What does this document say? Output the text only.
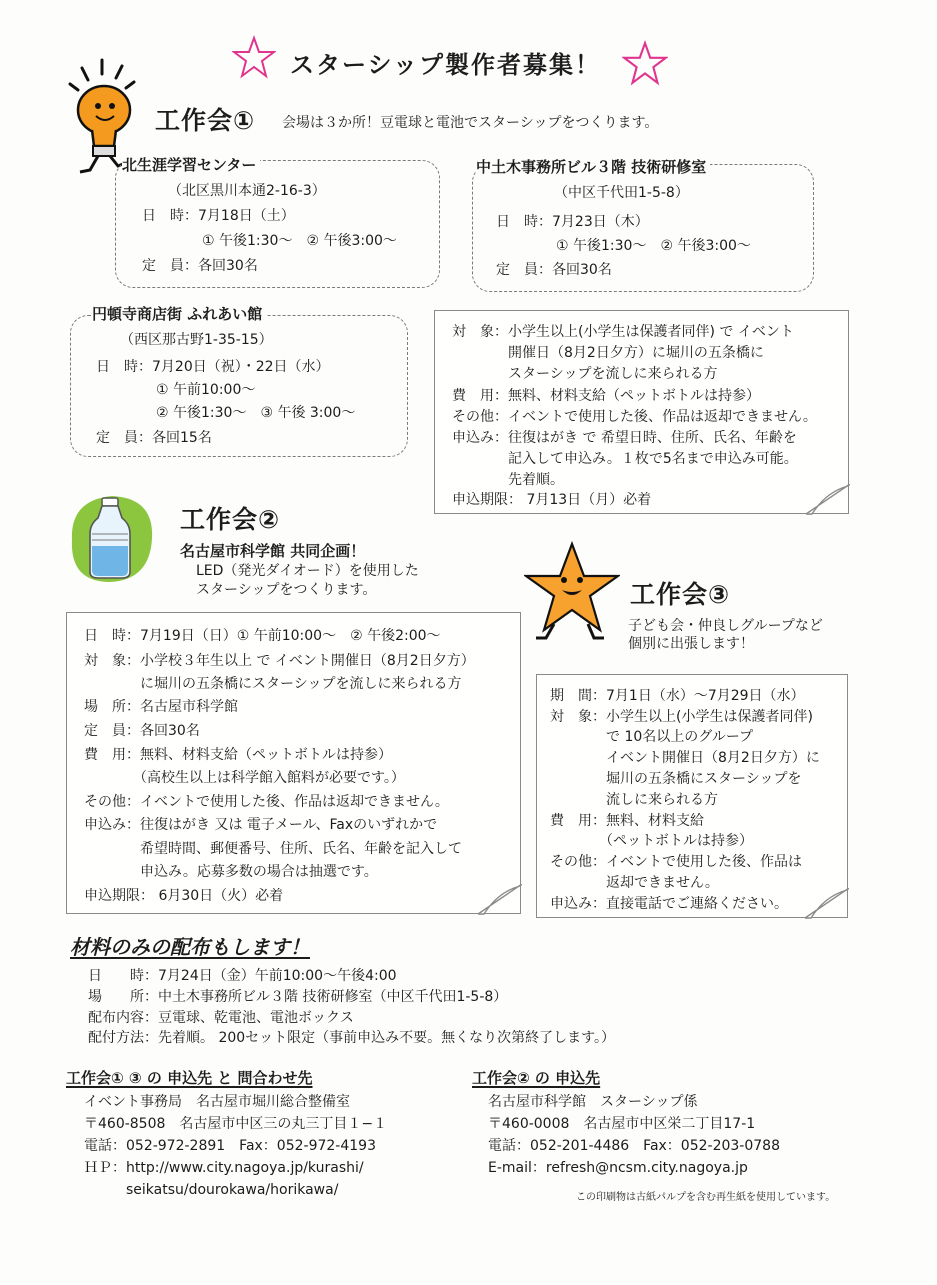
スターシップ製作者募集！
工作会① 会場は３か所！豆電球と電池でスターシップをつくります。
北生涯学習センター
（北区黒川本通2-16-3）
日　時：7月18日（土）
① 午後1:30〜　② 午後3:00〜
定　員：各回30名
中土木事務所ビル３階 技術研修室
（中区千代田1-5-8）
日　時：7月23日（木）
① 午後1:30〜　② 午後3:00〜
定　員：各回30名
円頓寺商店街 ふれあい館
（西区那古野1-35-15）
日　時：7月20日（祝）・22日（水）
① 午前10:00〜
② 午後1:30〜　③ 午後 3:00〜
定　員：各回15名
対　象：小学生以上(小学生は保護者同伴) で イベント
　　　　開催日（8月2日夕方）に堀川の五条橋に
　　　　スターシップを流しに来られる方
費　用：無料、材料支給（ペットボトルは持参）
その他：イベントで使用した後、作品は返却できません。
申込み：往復はがき で 希望日時、住所、氏名、年齢を
　　　　記入して申込み。１枚で5名まで申込み可能。
　　　　先着順。
申込期限： 7月13日（月）必着
工作会②
名古屋市科学館 共同企画！
LED（発光ダイオード）を使用した
スターシップをつくります。	工作会③
子ども会・仲良しグループなど
個別に出張します！
日　時：7月19日（日）① 午前10:00〜　② 午後2:00〜
対　象：小学校３年生以上 で イベント開催日（8月2日夕方）
　　　　に堀川の五条橋にスターシップを流しに来られる方
場　所：名古屋市科学館
定　員：各回30名
費　用：無料、材料支給（ペットボトルは持参）
　　　　（高校生以上は科学館入館料が必要です。）
その他：イベントで使用した後、作品は返却できません。
申込み：往復はがき 又は 電子メール、Faxのいずれかで
　　　　希望時間、郵便番号、住所、氏名、年齢を記入して
　　　　申込み。応募多数の場合は抽選です。
申込期限： 6月30日（火）必着
期　間：7月1日（水）〜7月29日（水）
対　象：小学生以上(小学生は保護者同伴)
　　　　で 10名以上のグループ
　　　　イベント開催日（8月2日夕方）に
　　　　堀川の五条橋にスターシップを
　　　　流しに来られる方
費　用：無料、材料支給
　　　　（ペットボトルは持参）
その他：イベントで使用した後、作品は
　　　　返却できません。
申込み：直接電話でご連絡ください。
材料のみの配布もします！
日　　時：7月24日（金）午前10:00〜午後4:00
場　　所：中土木事務所ビル３階 技術研修室（中区千代田1-5-8）
配布内容：豆電球、乾電池、電池ボックス
配付方法：先着順。 200セット限定（事前申込み不要。無くなり次第終了します。）
工作会① ③ の 申込先 と 問合わせ先
イベント事務局　名古屋市堀川総合整備室
〒460-8508　名古屋市中区三の丸三丁目１−１
電話：052-972-2891　Fax：052-972-4193
ＨＰ：http://www.city.nagoya.jp/kurashi/
　　　seikatsu/dourokawa/horikawa/
工作会② の 申込先
名古屋市科学館　スターシップ係
〒460-0008　名古屋市中区栄二丁目17-1
電話：052-201-4486　Fax：052-203-0788
E-mail：refresh@ncsm.city.nagoya.jp
この印刷物は古紙パルプを含む再生紙を使用しています。
